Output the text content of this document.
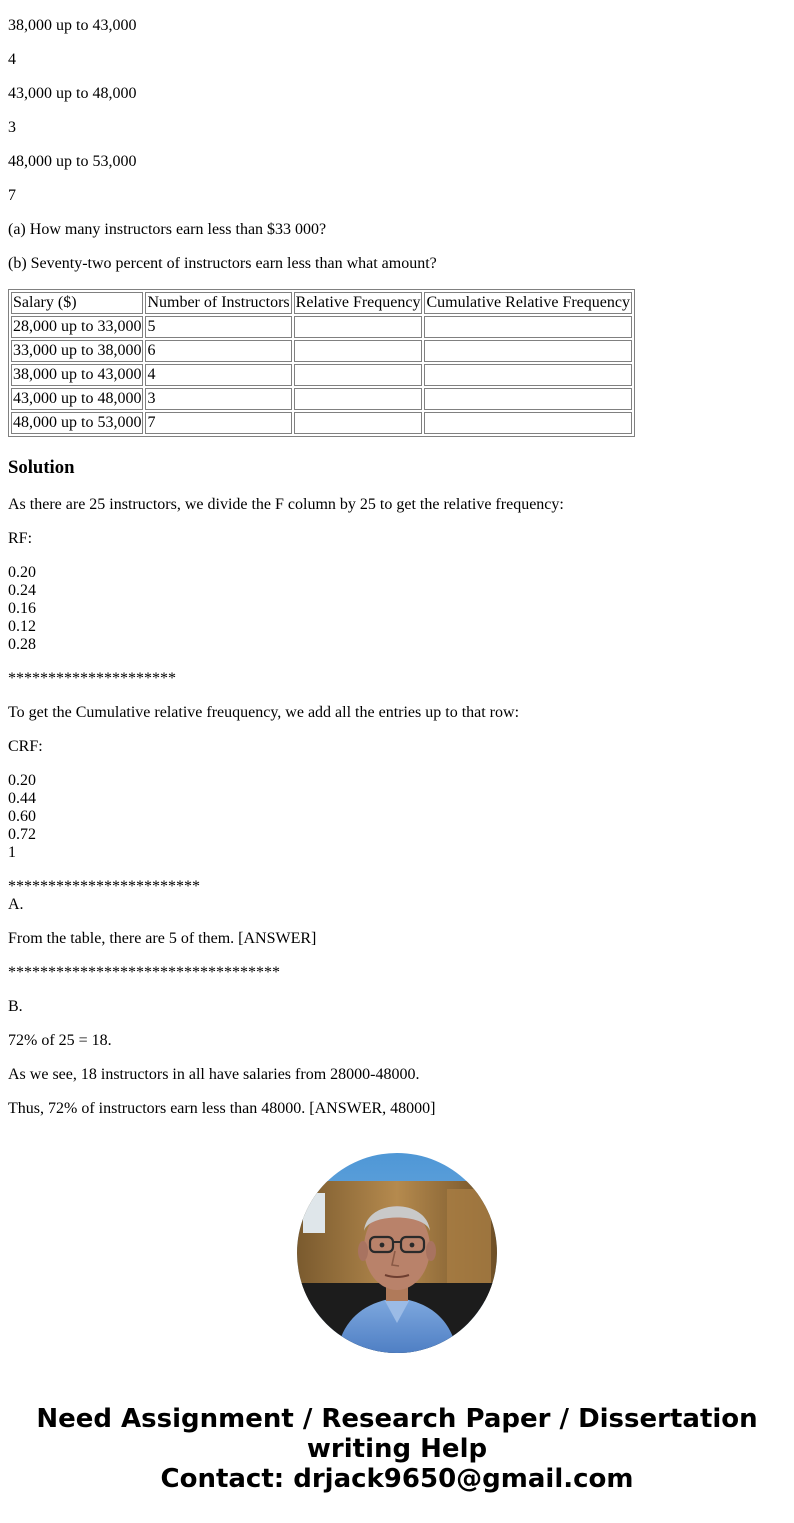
38,000 up to 43,000
4
43,000 up to 48,000
3
48,000 up to 53,000
7
(a) How many instructors earn less than $33 000?
(b) Seventy-two percent of instructors earn less than what amount?
Salary ($)	Number of Instructors	Relative Frequency	Cumulative Relative Frequency
28,000 up to 33,000	5		
33,000 up to 38,000	6		
38,000 up to 43,000	4		
43,000 up to 48,000	3		
48,000 up to 53,000	7		
Solution
As there are 25 instructors, we divide the F column by 25 to get the relative frequency:
RF:
0.20
0.24
0.16
0.12
0.28
*********************
To get the Cumulative relative freuquency, we add all the entries up to that row:
CRF:
0.20
0.44
0.60
0.72
1
************************
A.
From the table, there are 5 of them. [ANSWER]
**********************************
B.
72% of 25 = 18.
As we see, 18 instructors in all have salaries from 28000-48000.
Thus, 72% of instructors earn less than 48000. [ANSWER, 48000]
Need Assignment / Research Paper / Dissertation
writing Help
Contact: drjack9650@gmail.com
